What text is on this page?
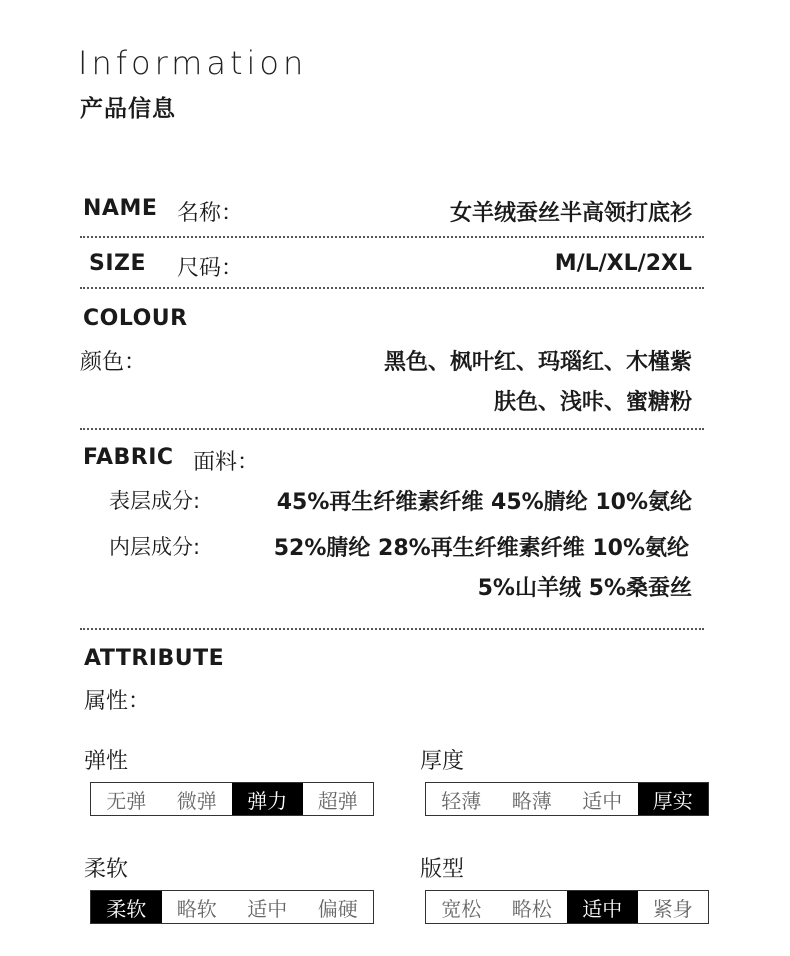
Information
产品信息
NAME 名称：	女羊绒蚕丝半高领打底衫
SIZE 尺码：	M/L/XL/2XL
COLOUR
颜色：	黑色、枫叶红、玛瑙红、木槿紫
肤色、浅咔、蜜糖粉
FABRIC 面料：
表层成分:	45%再生纤维素纤维 45%腈纶 10%氨纶
内层成分:	52%腈纶 28%再生纤维素纤维 10%氨纶
5%山羊绒 5%桑蚕丝
ATTRIBUTE
属性：
弹性
无弹	微弹	弹力	超弹
厚度
轻薄	略薄	适中	厚实
柔软
柔软	略软	适中	偏硬
版型
宽松	略松	适中	紧身
